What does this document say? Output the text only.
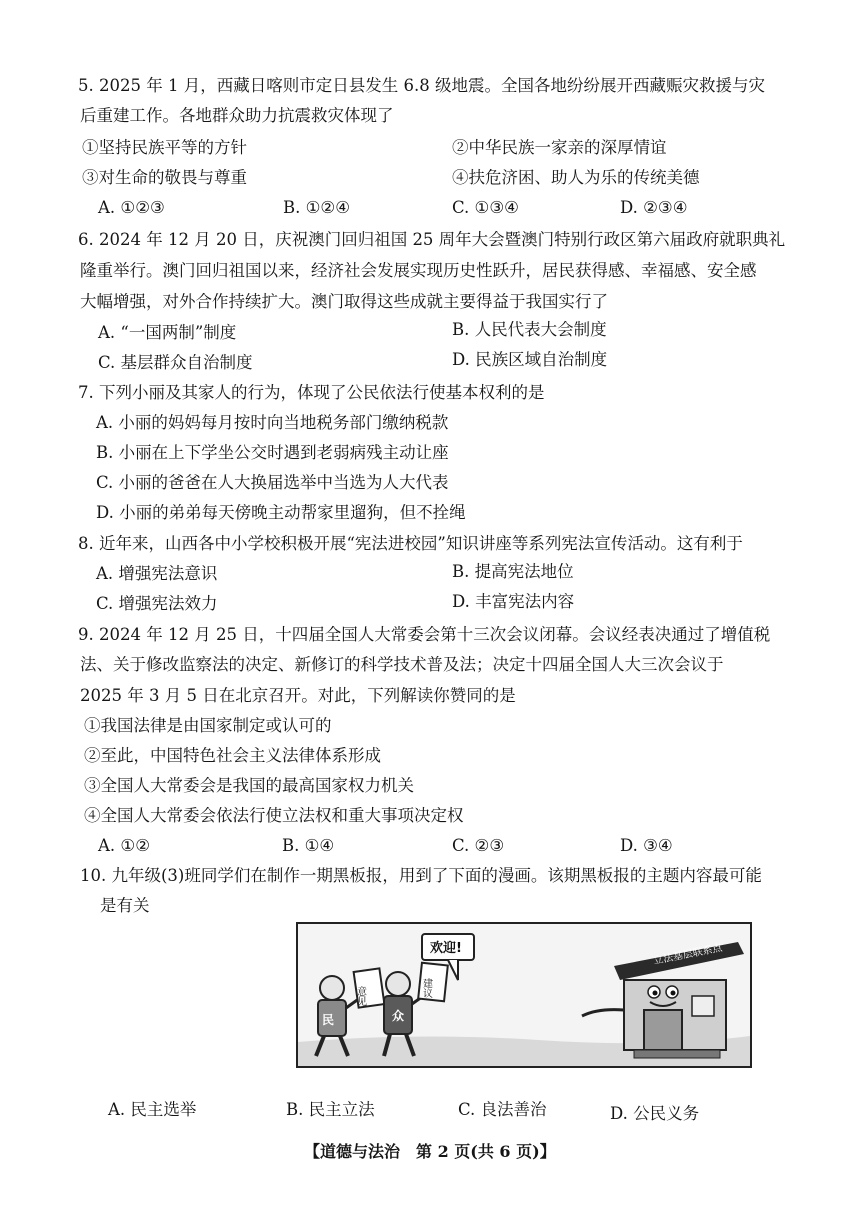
5. 2025 年 1 月，西藏日喀则市定日县发生 6.8 级地震。全国各地纷纷展开西藏赈灾救援与灾
后重建工作。各地群众助力抗震救灾体现了
①坚持民族平等的方针	②中华民族一家亲的深厚情谊
③对生命的敬畏与尊重	④扶危济困、助人为乐的传统美德
A. ①②③	B. ①②④	C. ①③④	D. ②③④
6. 2024 年 12 月 20 日，庆祝澳门回归祖国 25 周年大会暨澳门特别行政区第六届政府就职典礼
隆重举行。澳门回归祖国以来，经济社会发展实现历史性跃升，居民获得感、幸福感、安全感
大幅增强，对外合作持续扩大。澳门取得这些成就主要得益于我国实行了
A. “一国两制”制度	B. 人民代表大会制度
C. 基层群众自治制度	D. 民族区域自治制度
7. 下列小丽及其家人的行为，体现了公民依法行使基本权利的是
A. 小丽的妈妈每月按时向当地税务部门缴纳税款
B. 小丽在上下学坐公交时遇到老弱病残主动让座
C. 小丽的爸爸在人大换届选举中当选为人大代表
D. 小丽的弟弟每天傍晚主动帮家里遛狗，但不拴绳
8. 近年来，山西各中小学校积极开展“宪法进校园”知识讲座等系列宪法宣传活动。这有利于
A. 增强宪法意识	B. 提高宪法地位
C. 增强宪法效力	D. 丰富宪法内容
9. 2024 年 12 月 25 日，十四届全国人大常委会第十三次会议闭幕。会议经表决通过了增值税
法、关于修改监察法的决定、新修订的科学技术普及法；决定十四届全国人大三次会议于
2025 年 3 月 5 日在北京召开。对此，下列解读你赞同的是
①我国法律是由国家制定或认可的
②至此，中国特色社会主义法律体系形成
③全国人大常委会是我国的最高国家权力机关
④全国人大常委会依法行使立法权和重大事项决定权
A. ①②	B. ①④	C. ②③	D. ③④
10. 九年级(3)班同学们在制作一期黑板报，用到了下面的漫画。该期黑板报的主题内容最可能
是有关
立法基层联系点
欢迎!
民
意见
众
建议
A. 民主选举	B. 民主立法	C. 良法善治	D. 公民义务
【道德与法治　第 2 页(共 6 页)】
